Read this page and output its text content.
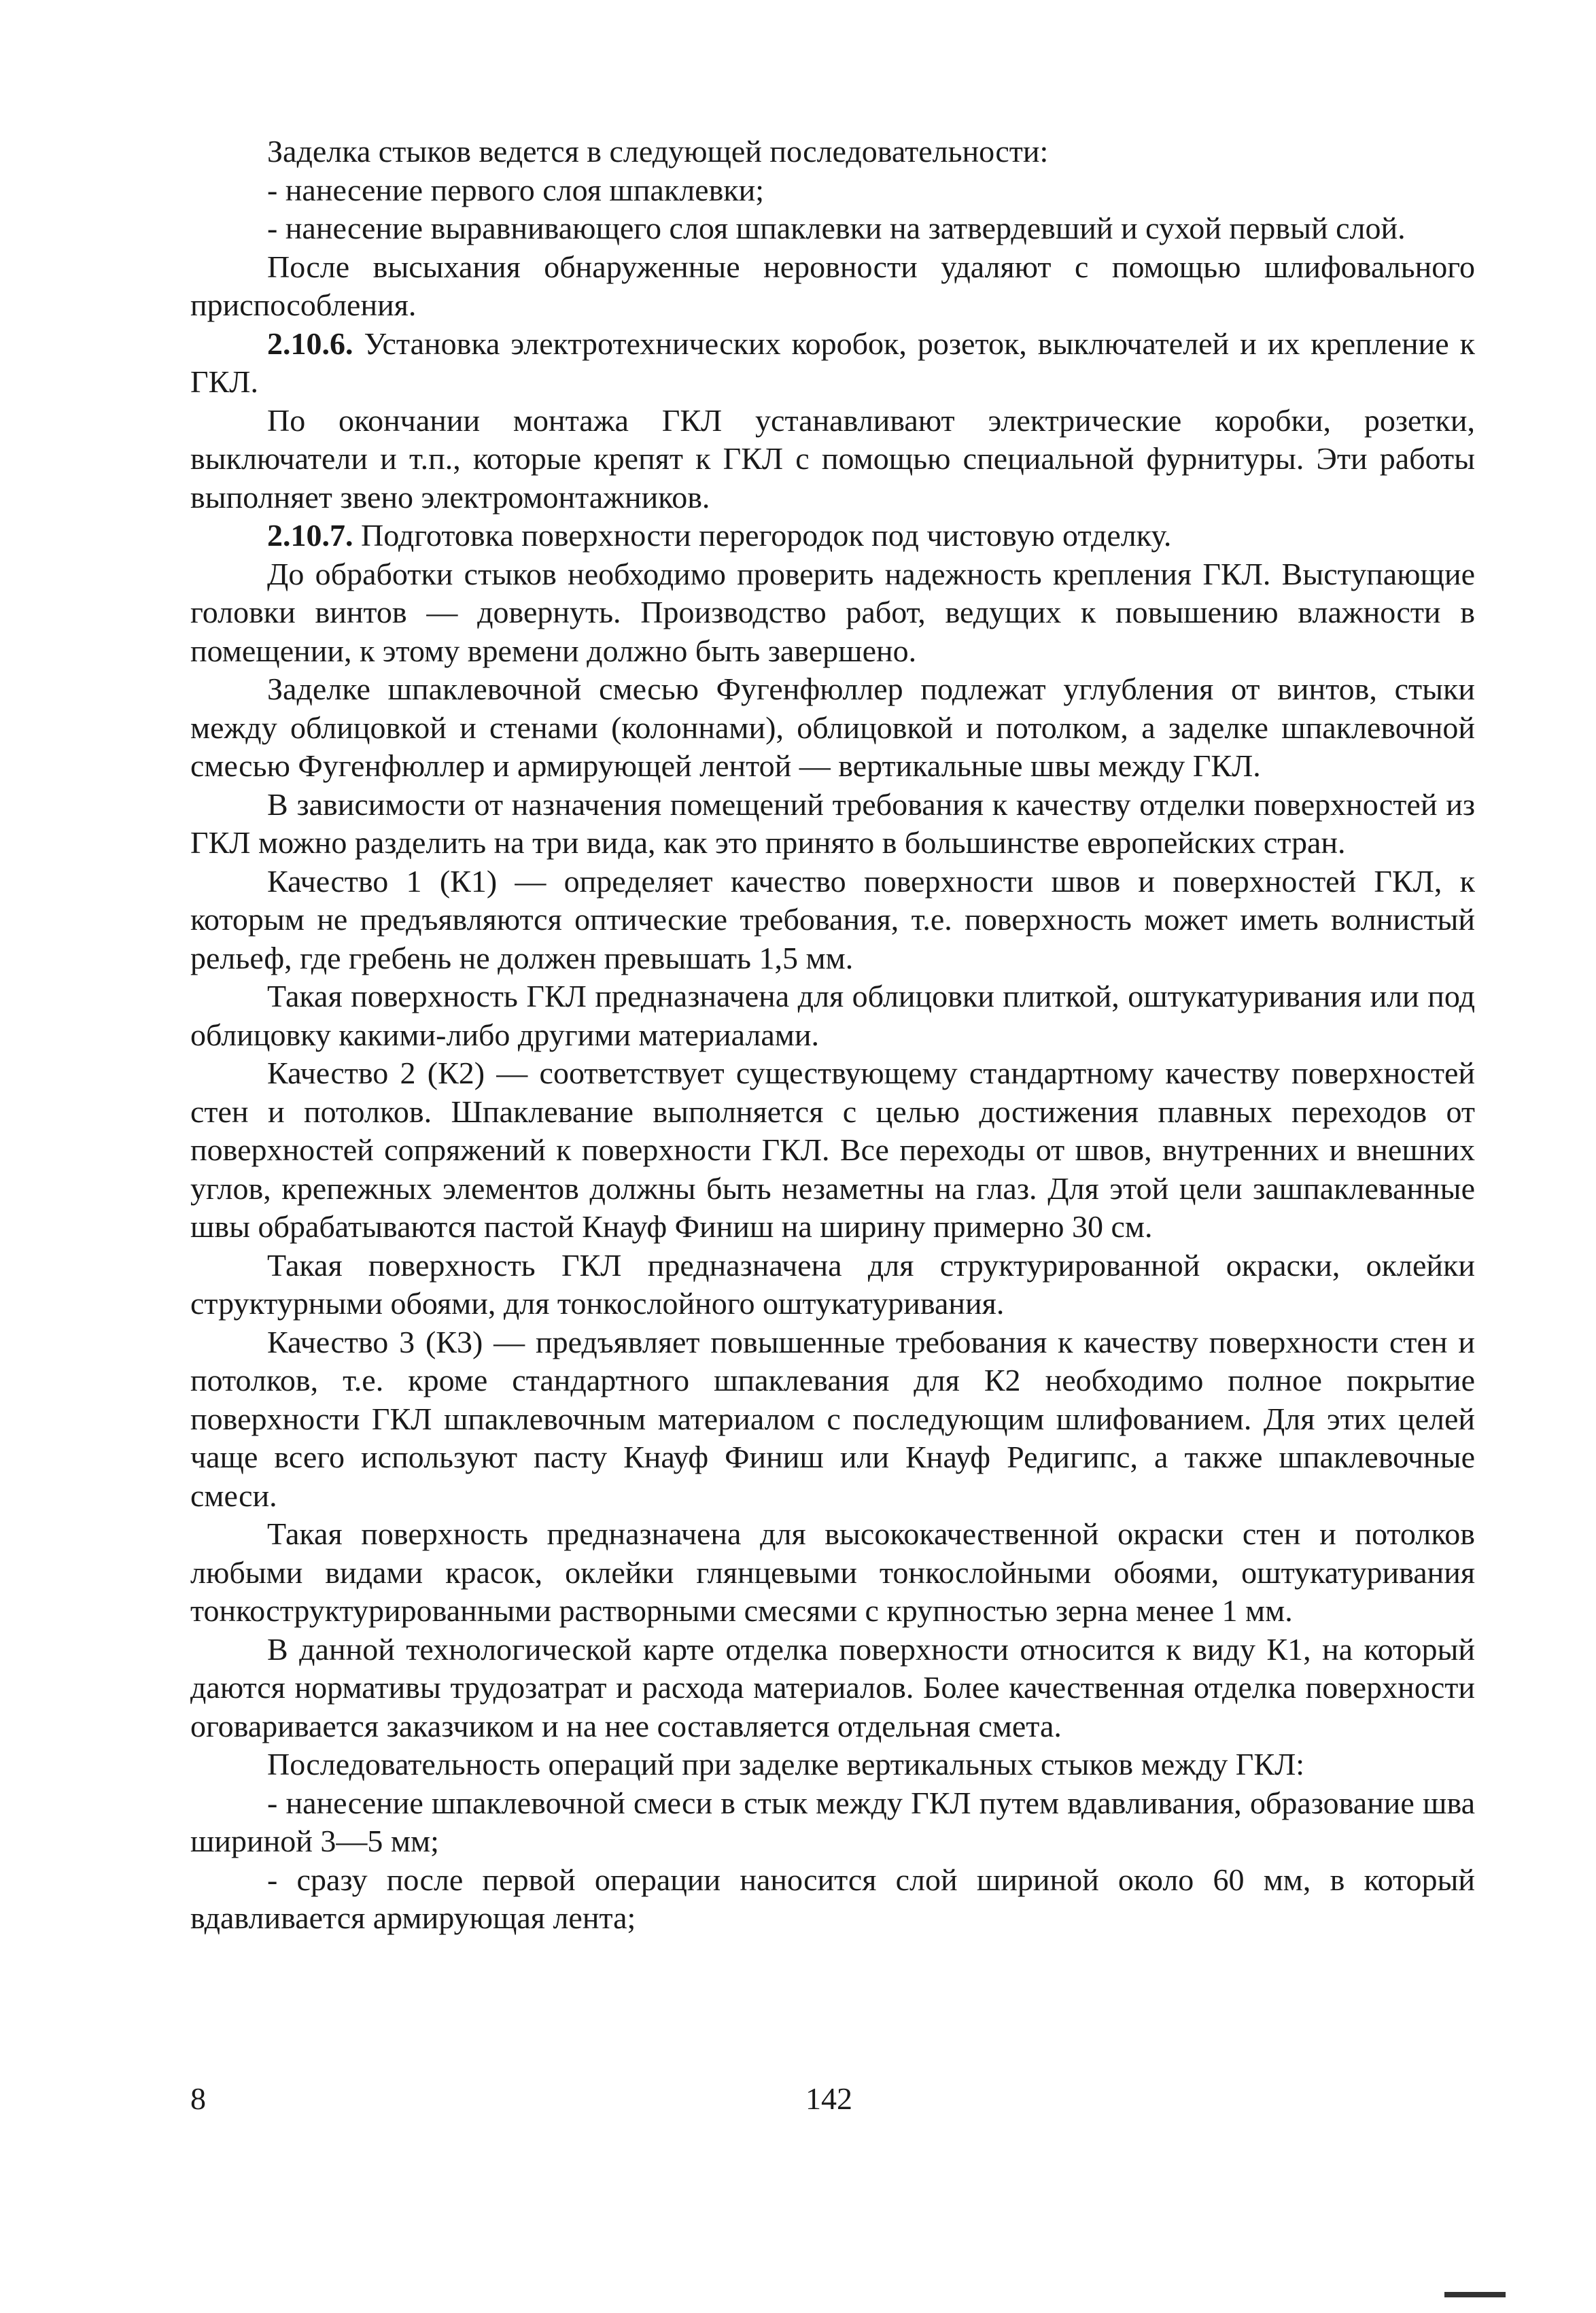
Заделка стыков ведется в следующей последовательности:

- нанесение первого слоя шпаклевки;

- нанесение выравнивающего слоя шпаклевки на затвердевший и сухой первый слой.

После высыхания обнаруженные неровности удаляют с помощью шлифовального приспособления.

2.10.6. Установка электротехнических коробок, розеток, выключателей и их крепление к ГКЛ.

По окончании монтажа ГКЛ устанавливают электрические коробки, розетки, выключатели и т.п., которые крепят к ГКЛ с помощью специальной фурнитуры. Эти работы выполняет звено электромонтажников.

2.10.7. Подготовка поверхности перегородок под чистовую отделку.

До обработки стыков необходимо проверить надежность крепления ГКЛ. Выступающие головки винтов — довернуть. Производство работ, ведущих к повышению влажности в помещении, к этому времени должно быть завершено.

Заделке шпаклевочной смесью Фугенфюллер подлежат углубления от винтов, стыки между облицовкой и стенами (колоннами), облицовкой и потолком, а заделке шпаклевочной смесью Фугенфюллер и армирующей лентой — вертикальные швы между ГКЛ.

В зависимости от назначения помещений требования к качеству отделки поверхностей из ГКЛ можно разделить на три вида, как это принято в большинстве европейских стран.

Качество 1 (К1) — определяет качество поверхности швов и поверхностей ГКЛ, к которым не предъявляются оптические требования, т.е. поверхность может иметь волнистый рельеф, где гребень не должен превышать 1,5 мм.

Такая поверхность ГКЛ предназначена для облицовки плиткой, оштукатуривания или под облицовку какими-либо другими материалами.

Качество 2 (К2) — соответствует существующему стандартному качеству поверхностей стен и потолков. Шпаклевание выполняется с целью достижения плавных переходов от поверхностей сопряжений к поверхности ГКЛ. Все переходы от швов, внутренних и внешних углов, крепежных элементов должны быть незаметны на глаз. Для этой цели зашпаклеванные швы обрабатываются пастой Кнауф Финиш на ширину примерно 30 см.

Такая поверхность ГКЛ предназначена для структурированной окраски, оклейки структурными обоями, для тонкослойного оштукатуривания.

Качество 3 (К3) — предъявляет повышенные требования к качеству поверхности стен и потолков, т.е. кроме стандартного шпаклевания для К2 необходимо полное покрытие поверхности ГКЛ шпаклевочным материалом с последующим шлифованием. Для этих целей чаще всего используют пасту Кнауф Финиш или Кнауф Редигипс, а также шпаклевочные смеси.

Такая поверхность предназначена для высококачественной окраски стен и потолков любыми видами красок, оклейки глянцевыми тонкослойными обоями, оштукатуривания тонкоструктурированными растворными смесями с крупностью зерна менее 1 мм.

В данной технологической карте отделка поверхности относится к виду К1, на который даются нормативы трудозатрат и расхода материалов. Более качественная отделка поверхности оговаривается заказчиком и на нее составляется отдельная смета.

Последовательность операций при заделке вертикальных стыков между ГКЛ:

- нанесение шпаклевочной смеси в стык между ГКЛ путем вдавливания, образование шва шириной 3—5 мм;

- сразу после первой операции наносится слой шириной около 60 мм, в который вдавливается армирующая лента;

8	142
